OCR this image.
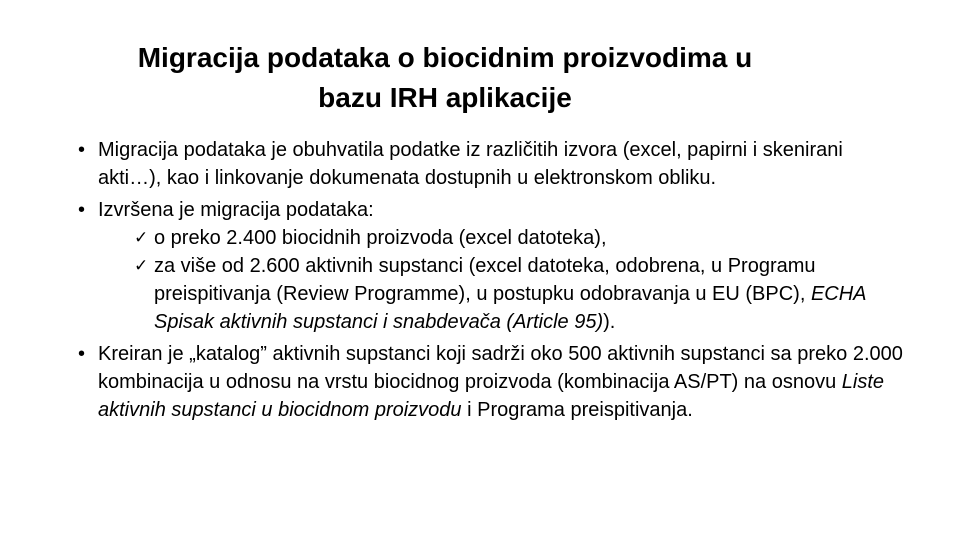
Migracija podataka o biocidnim proizvodima u
bazu IRH aplikacije
• Migracija podataka je obuhvatila podatke iz različitih izvora (excel, papirni i skenirani akti…), kao i linkovanje dokumenata dostupnih u elektronskom obliku.
• Izvršena je migracija podataka:
✓ o preko 2.400 biocidnih proizvoda (excel datoteka),
✓ za više od 2.600 aktivnih supstanci (excel datoteka, odobrena, u Programu preispitivanja (Review Programme), u postupku odobravanja u EU (BPC), ECHA Spisak aktivnih supstanci i snabdevača (Article 95)).
• Kreiran je „katalog” aktivnih supstanci koji sadrži oko 500 aktivnih supstanci sa preko 2.000 kombinacija u odnosu na vrstu biocidnog proizvoda (kombinacija AS/PT) na osnovu Liste aktivnih supstanci u biocidnom proizvodu i Programa preispitivanja.
